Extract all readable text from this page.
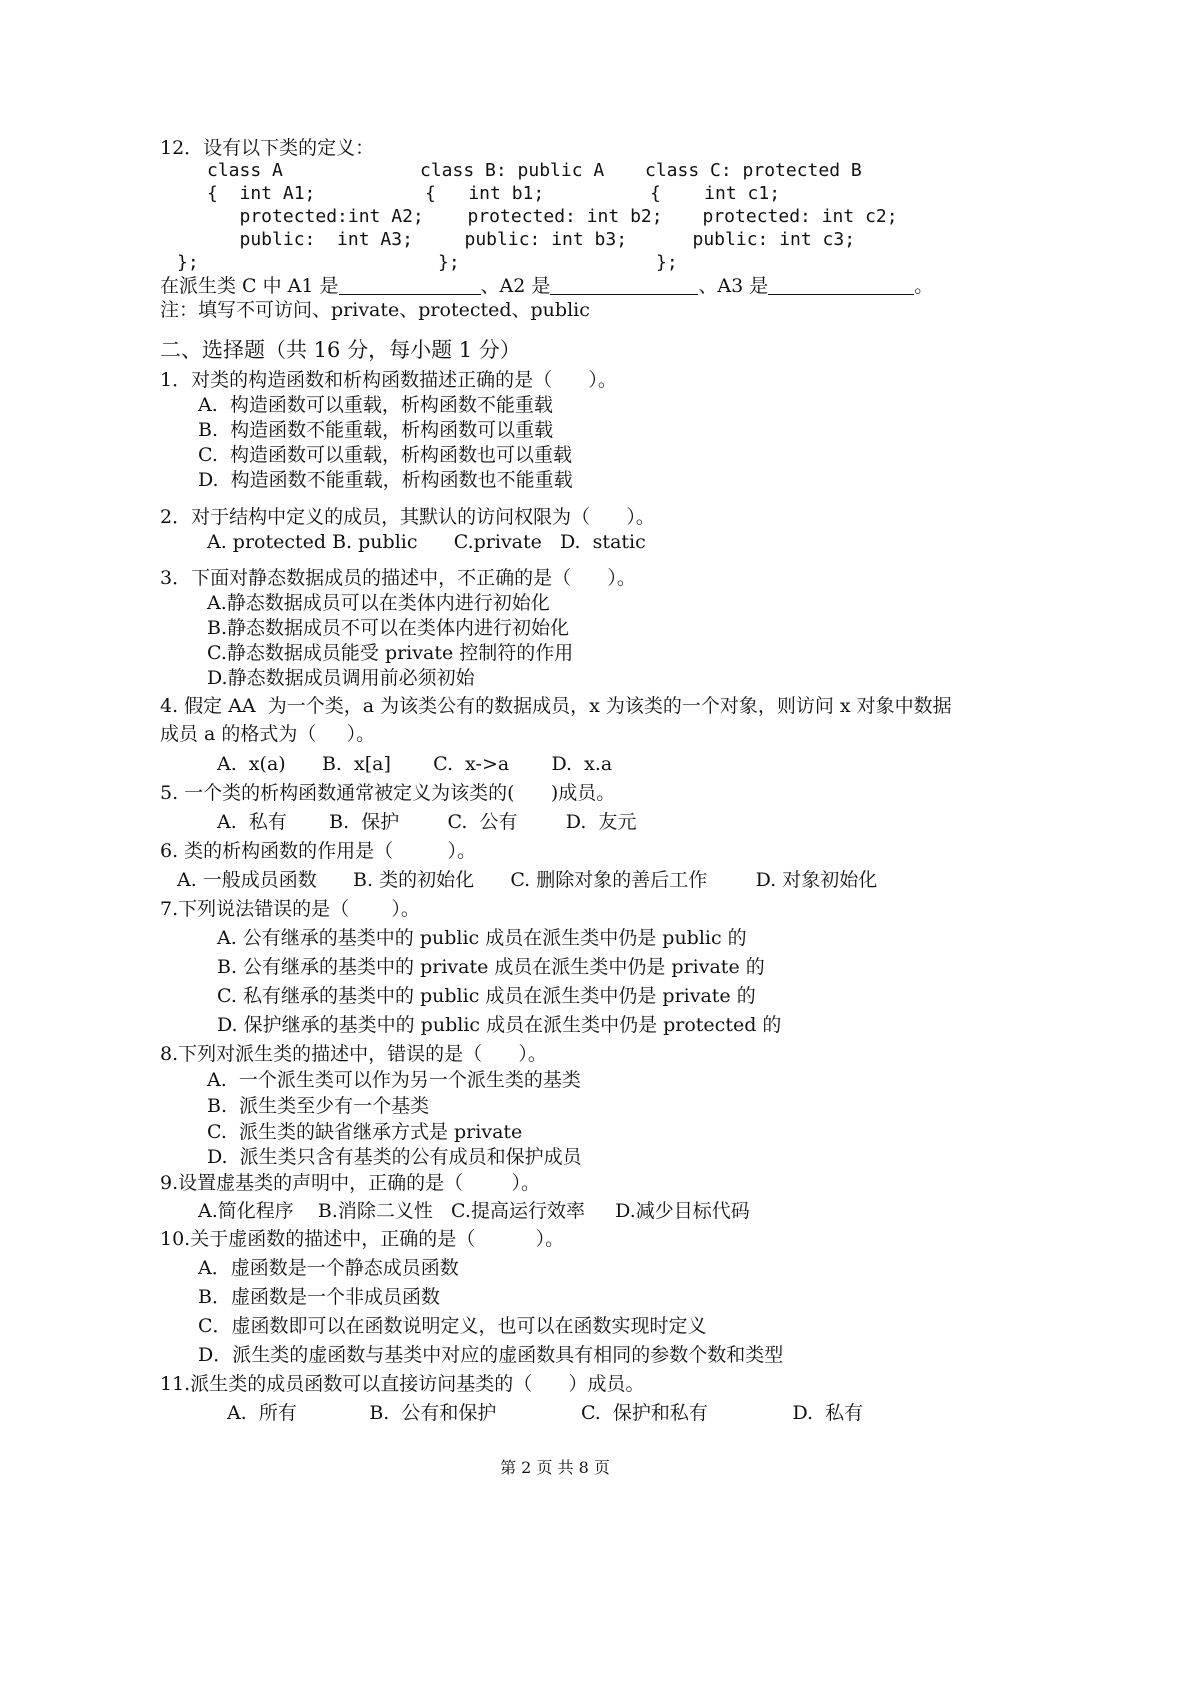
12．设有以下类的定义：
class A
{  int A1;
protected:int A2;
public:  int A3;
};
class B: public A
{   int b1;
protected: int b2;
public: int b3;
};
class C: protected B
{    int c1;
protected: int c2;
public: int c3;
};
在派生类 C 中 A1 是	、A2 是	、A3 是	。
注：填写不可访问、private、protected、public
二、选择题（共 16 分，每小题 1 分）
1．对类的构造函数和析构函数描述正确的是（      ）。
A.  构造函数可以重载，析构函数不能重载
B.  构造函数不能重载，析构函数可以重载
C.  构造函数可以重载，析构函数也可以重载
D.  构造函数不能重载，析构函数也不能重载
2．对于结构中定义的成员，其默认的访问权限为（      ）。
A. protected B. public      C.private   D.  static
3．下面对静态数据成员的描述中，不正确的是（      ）。
A.静态数据成员可以在类体内进行初始化
B.静态数据成员不可以在类体内进行初始化
C.静态数据成员能受 private 控制符的作用
D.静态数据成员调用前必须初始
4. 假定 AA  为一个类，a 为该类公有的数据成员，x 为该类的一个对象，则访问 x 对象中数据
成员 a 的格式为（     ）。
A.  x(a)      B.  x[a]       C.  x->a       D.  x.a
5. 一个类的析构函数通常被定义为该类的(      )成员。
A.  私有       B.  保护        C.  公有        D.  友元
6. 类的析构函数的作用是（         ）。
A. 一般成员函数      B. 类的初始化      C. 删除对象的善后工作        D. 对象初始化
7.下列说法错误的是（       ）。
A. 公有继承的基类中的 public 成员在派生类中仍是 public 的
B. 公有继承的基类中的 private 成员在派生类中仍是 private 的
C. 私有继承的基类中的 public 成员在派生类中仍是 private 的
D. 保护继承的基类中的 public 成员在派生类中仍是 protected 的
8.下列对派生类的描述中，错误的是（      ）。
A.  一个派生类可以作为另一个派生类的基类
B.  派生类至少有一个基类
C.  派生类的缺省继承方式是 private
D.  派生类只含有基类的公有成员和保护成员
9.设置虚基类的声明中，正确的是（        ）。
A.简化程序    B.消除二义性   C.提高运行效率     D.减少目标代码
10.关于虚函数的描述中，正确的是（          ）。
A．虚函数是一个静态成员函数
B．虚函数是一个非成员函数
C．虚函数即可以在函数说明定义，也可以在函数实现时定义
D．派生类的虚函数与基类中对应的虚函数具有相同的参数个数和类型
11.派生类的成员函数可以直接访问基类的（      ）成员。
A.  所有            B.  公有和保护              C.  保护和私有              D.  私有
第 2 页 共 8 页
